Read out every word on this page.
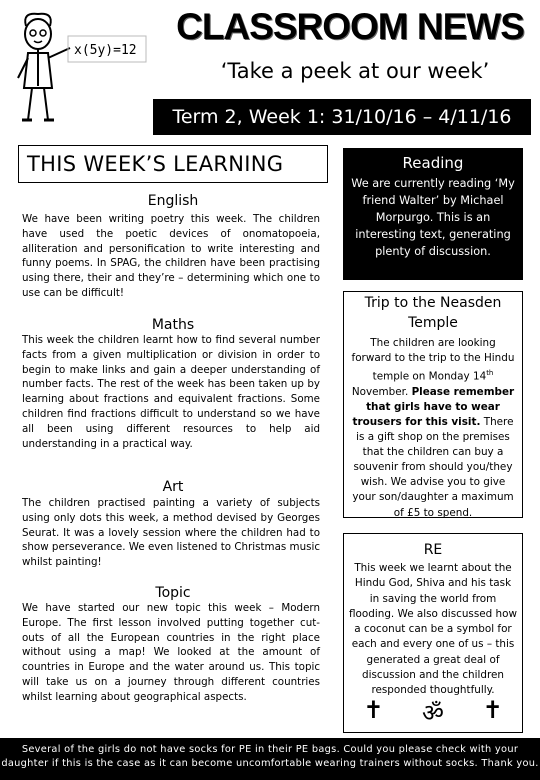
x(5y)=12
CLASSROOM NEWS
‘Take a peek at our week’
Term 2, Week 1: 31/10/16 – 4/11/16
THIS WEEK’S LEARNING
English
We have been writing poetry this week. The children have used the poetic devices of onomatopoeia, alliteration and personification to write interesting and funny poems. In SPAG, the children have been practising using there, their and they’re – determining which one to use can be difficult!
Maths
This week the children learnt how to find several number facts from a given multiplication or division in order to begin to make links and gain a deeper understanding of number facts. The rest of the week has been taken up by learning about fractions and equivalent fractions. Some children find fractions difficult to understand so we have all been using different resources to help aid understanding in a practical way.
Art
The children practised painting a variety of subjects using only dots this week, a method devised by Georges Seurat. It was a lovely session where the children had to show perseverance. We even listened to Christmas music whilst painting!
Topic
We have started our new topic this week – Modern Europe. The first lesson involved putting together cut-outs of all the European countries in the right place without using a map! We looked at the amount of countries in Europe and the water around us. This topic will take us on a journey through different countries whilst learning about geographical aspects.
Reading
We are currently reading ‘My friend Walter’ by Michael Morpurgo. This is an interesting text, generating plenty of discussion.
Trip to the Neasden Temple
The children are looking forward to the trip to the Hindu temple on Monday 14th November. Please remember that girls have to wear trousers for this visit. There is a gift shop on the premises that the children can buy a souvenir from should you/they wish. We advise you to give your son/daughter a maximum of £5 to spend.
RE
This week we learnt about the Hindu God, Shiva and his task in saving the world from flooding. We also discussed how a coconut can be a symbol for each and every one of us – this generated a great deal of discussion and the children responded thoughtfully.
✝ ॐ ✝
Several of the girls do not have socks for PE in their PE bags. Could you please check with your daughter if this is the case as it can become uncomfortable wearing trainers without socks. Thank you.
